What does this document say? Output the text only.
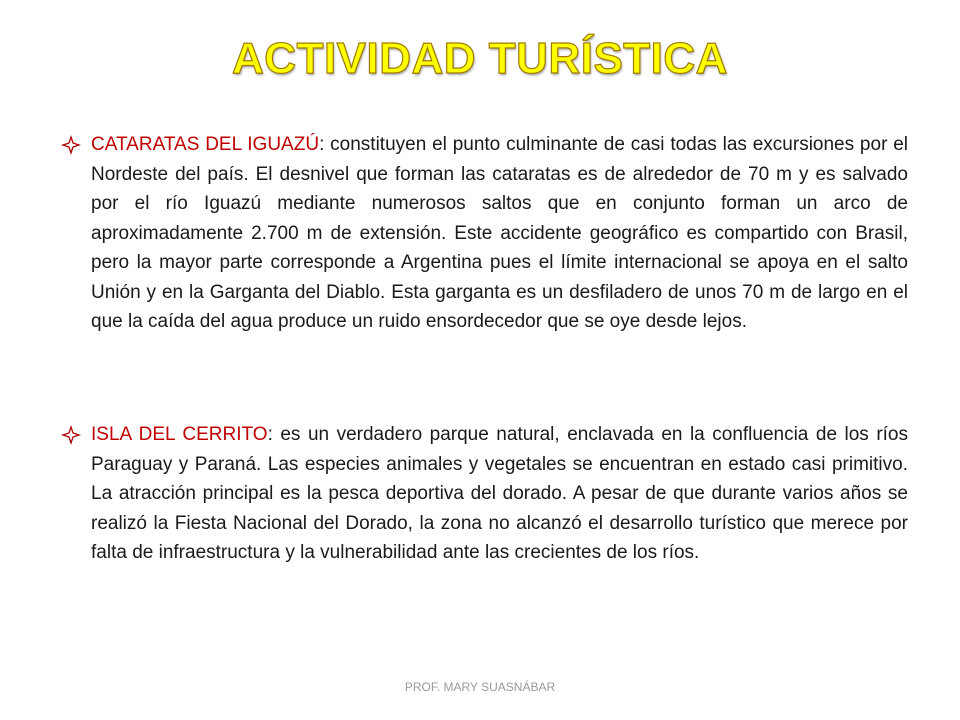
ACTIVIDAD TURÍSTICA
CATARATAS DEL IGUAZÚ: constituyen el punto culminante de casi todas las excursiones por el Nordeste del país. El desnivel que forman las cataratas es de alrededor de 70 m y es salvado por el río Iguazú mediante numerosos saltos que en conjunto forman un arco de aproximadamente 2.700 m de extensión. Este accidente geográfico es compartido con Brasil, pero la mayor parte corresponde a Argentina pues el límite internacional se apoya en el salto Unión y en la Garganta del Diablo. Esta garganta es un desfiladero de unos 70 m de largo en el que la caída del agua produce un ruido ensordecedor que se oye desde lejos.
ISLA DEL CERRITO: es un verdadero parque natural, enclavada en la confluencia de los ríos Paraguay y Paraná. Las especies animales y vegetales se encuentran en estado casi primitivo. La atracción principal es la pesca deportiva del dorado. A pesar de que durante varios años se realizó la Fiesta Nacional del Dorado, la zona no alcanzó el desarrollo turístico que merece por falta de infraestructura y la vulnerabilidad ante las crecientes de los ríos.
PROF. MARY SUASNÁBAR
